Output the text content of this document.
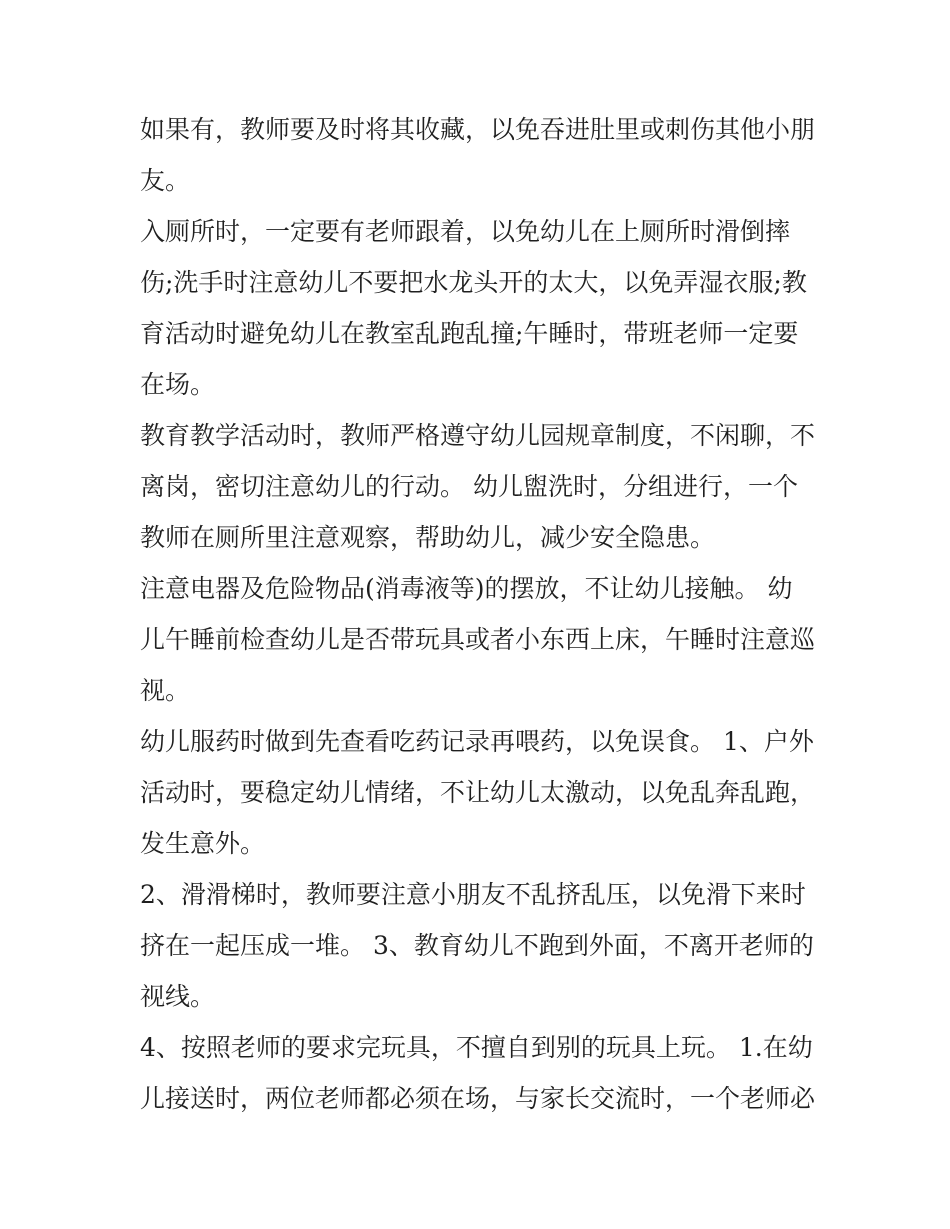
如果有，教师要及时将其收藏，以免吞进肚里或刺伤其他小朋
友。

入厕所时，一定要有老师跟着，以免幼儿在上厕所时滑倒摔
伤;洗手时注意幼儿不要把水龙头开的太大，以免弄湿衣服;教
育活动时避免幼儿在教室乱跑乱撞;午睡时，带班老师一定要
在场。

教育教学活动时，教师严格遵守幼儿园规章制度，不闲聊，不
离岗，密切注意幼儿的行动。 幼儿盥洗时，分组进行，一个
教师在厕所里注意观察，帮助幼儿，减少安全隐患。

注意电器及危险物品(消毒液等)的摆放，不让幼儿接触。 幼
儿午睡前检查幼儿是否带玩具或者小东西上床，午睡时注意巡
视。

幼儿服药时做到先查看吃药记录再喂药，以免误食。 1、户外
活动时，要稳定幼儿情绪，不让幼儿太激动，以免乱奔乱跑，
发生意外。

2、滑滑梯时，教师要注意小朋友不乱挤乱压，以免滑下来时
挤在一起压成一堆。 3、教育幼儿不跑到外面，不离开老师的
视线。

4、按照老师的要求完玩具，不擅自到别的玩具上玩。 1.在幼
儿接送时，两位老师都必须在场，与家长交流时，一个老师必
